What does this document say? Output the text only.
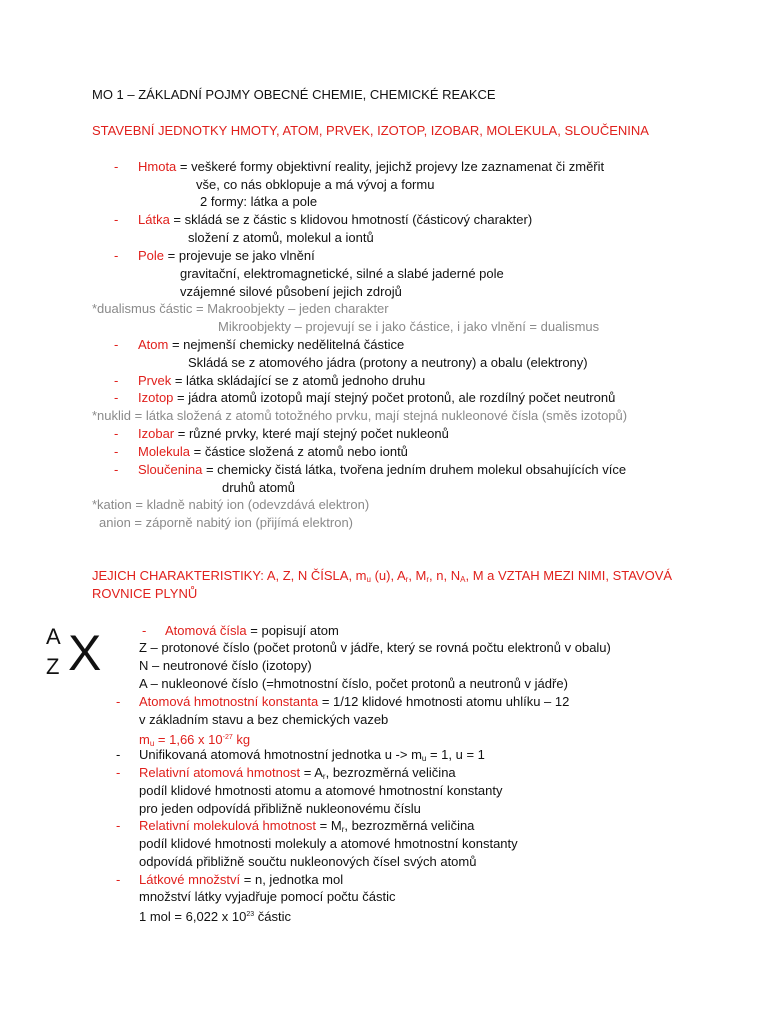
MO 1 – ZÁKLADNÍ POJMY OBECNÉ CHEMIE, CHEMICKÉ REAKCE
STAVEBNÍ JEDNOTKY HMOTY, ATOM, PRVEK, IZOTOP, IZOBAR, MOLEKULA, SLOUČENINA
- Hmota = veškeré formy objektivní reality, jejichž projevy lze zaznamenat či změřit
vše, co nás obklopuje a má vývoj a formu
2 formy: látka a pole
- Látka = skládá se z částic s klidovou hmotností (částicový charakter)
složení z atomů, molekul a iontů
- Pole = projevuje se jako vlnění
gravitační, elektromagnetické, silné a slabé jaderné pole
vzájemné silové působení jejich zdrojů
*dualismus částic = Makroobjekty – jeden charakter
Mikroobjekty – projevují se i jako částice, i jako vlnění = dualismus
- Atom = nejmenší chemicky nedělitelná částice
Skládá se z atomového jádra (protony a neutrony) a obalu (elektrony)
- Prvek = látka skládající se z atomů jednoho druhu
- Izotop = jádra atomů izotopů mají stejný počet protonů, ale rozdílný počet neutronů
*nuklid = látka složená z atomů totožného prvku, mají stejná nukleonové čísla (směs izotopů)
- Izobar = různé prvky, které mají stejný počet nukleonů
- Molekula = částice složená z atomů nebo iontů
- Sloučenina = chemicky čistá látka, tvořena jedním druhem molekul obsahujících více
druhů atomů
*kation = kladně nabitý ion (odevzdává elektron)
anion = záporně nabitý ion (přijímá elektron)
JEJICH CHARAKTERISTIKY: A, Z, N ČÍSLA, $m_u$ (u), $A_r$, $M_r$, n, $N_A$, M a VZTAH MEZI NIMI, STAVOVÁ
ROVNICE PLYNŮ
A
Z X	- Atomová čísla = popisují atom
Z – protonové číslo (počet protonů v jádře, který se rovná počtu elektronů v obalu)
N – neutronové číslo (izotopy)
A – nukleonové číslo (=hmotnostní číslo, počet protonů a neutronů v jádře)
- Atomová hmotnostní konstanta = 1/12 klidové hmotnosti atomu uhlíku – 12
v základním stavu a bez chemických vazeb
$m_u = 1,66$ x $10^{-27}$ kg
- Unifikovaná atomová hmotnostní jednotka $u -> m_u = 1$, u = 1
- Relativní atomová hmotnost = $A_r$, bezrozměrná veličina
podíl klidové hmotnosti atomu a atomové hmotnostní konstanty
pro jeden odpovídá přibližně nukleonovému číslu
- Relativní molekulová hmotnost = $M_r$, bezrozměrná veličina
podíl klidové hmotnosti molekuly a atomové hmotnostní konstanty
odpovídá přibližně součtu nukleonových čísel svých atomů
- Látkové množství = n, jednotka mol
množství látky vyjadřuje pomocí počtu částic
1 mol = 6,022 x $10^{23}$ částic
